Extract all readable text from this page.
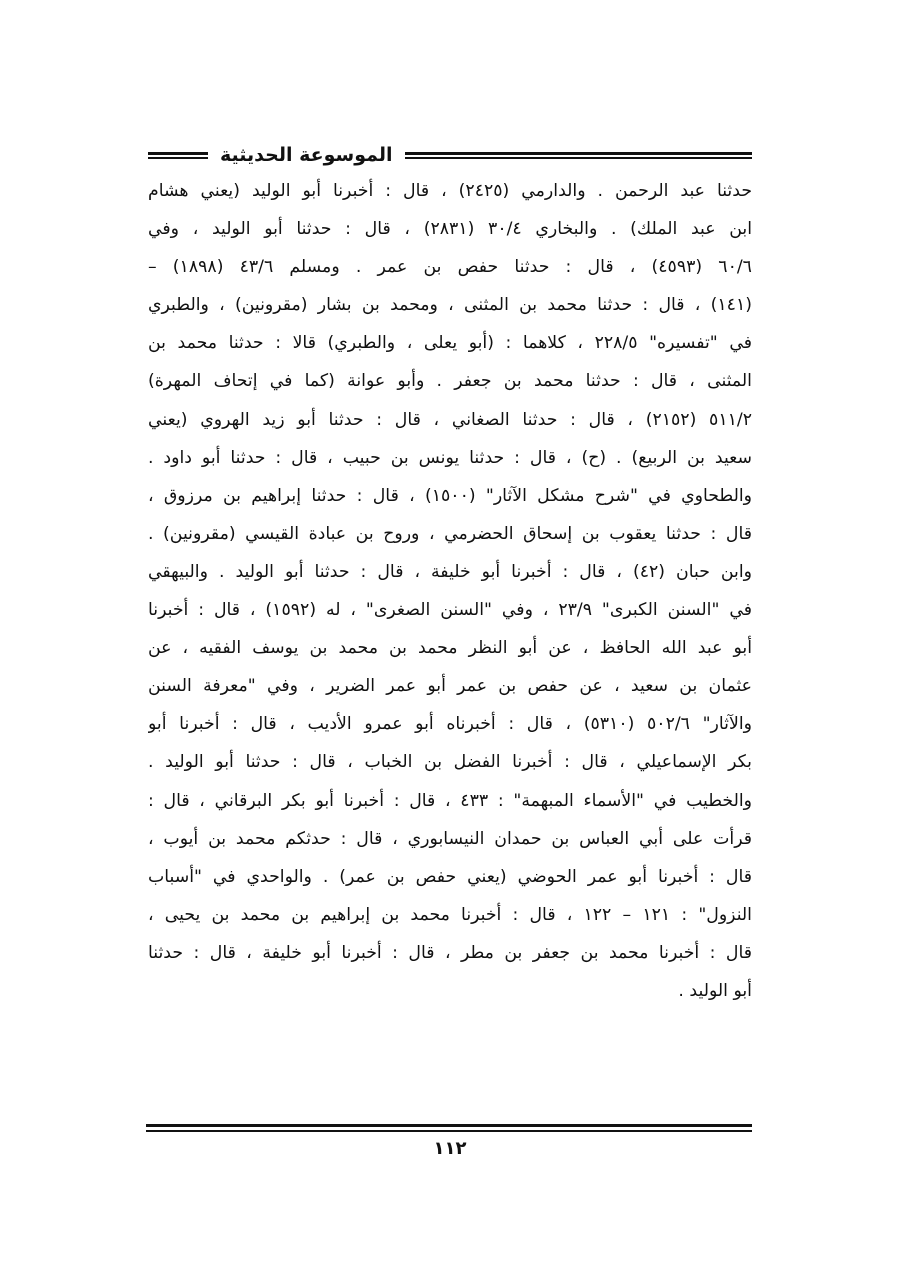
الموسوعة الحديثية
حدثنا عبد الرحمن . والدارمي (٢٤٢٥) ، قال : أخبرنا أبو الوليد (يعني هشام
ابن عبد الملك) . والبخاري ٣٠/٤ (٢٨٣١) ، قال : حدثنا أبو الوليد ، وفي
٦٠/٦ (٤٥٩٣) ، قال : حدثنا حفص بن عمر . ومسلم ٤٣/٦ (١٨٩٨) –
(١٤١) ، قال : حدثنا محمد بن المثنى ، ومحمد بن بشار (مقرونين) ، والطبري
في "تفسيره" ٢٢٨/٥ ، كلاهما : (أبو يعلى ، والطبري) قالا : حدثنا محمد بن
المثنى ، قال : حدثنا محمد بن جعفر . وأبو عوانة (كما في إتحاف المهرة)
٥١١/٢ (٢١٥٢) ، قال : حدثنا الصغاني ، قال : حدثنا أبو زيد الهروي (يعني
سعيد بن الربيع) . (ح) ، قال : حدثنا يونس بن حبيب ، قال : حدثنا أبو داود .
والطحاوي في "شرح مشكل الآثار" (١٥٠٠) ، قال : حدثنا إبراهيم بن مرزوق ،
قال : حدثنا يعقوب بن إسحاق الحضرمي ، وروح بن عبادة القيسي (مقرونين) .
وابن حبان (٤٢) ، قال : أخبرنا أبو خليفة ، قال : حدثنا أبو الوليد . والبيهقي
في "السنن الكبرى" ٢٣/٩ ، وفي "السنن الصغرى" ، له (١٥٩٢) ، قال : أخبرنا
أبو عبد الله الحافظ ، عن أبو النظر محمد بن محمد بن يوسف الفقيه ، عن
عثمان بن سعيد ، عن حفص بن عمر أبو عمر الضرير ، وفي "معرفة السنن
والآثار" ٥٠٢/٦ (٥٣١٠) ، قال : أخبرناه أبو عمرو الأديب ، قال : أخبرنا أبو
بكر الإسماعيلي ، قال : أخبرنا الفضل بن الخباب ، قال : حدثنا أبو الوليد .
والخطيب في "الأسماء المبهمة" : ٤٣٣ ، قال : أخبرنا أبو بكر البرقاني ، قال :
قرأت على أبي العباس بن حمدان النيسابوري ، قال : حدثكم محمد بن أيوب ،
قال : أخبرنا أبو عمر الحوضي (يعني حفص بن عمر) . والواحدي في "أسباب
النزول" : ١٢١ – ١٢٢ ، قال : أخبرنا محمد بن إبراهيم بن محمد بن يحيى ،
قال : أخبرنا محمد بن جعفر بن مطر ، قال : أخبرنا أبو خليفة ، قال : حدثنا
أبو الوليد .
١١٢
